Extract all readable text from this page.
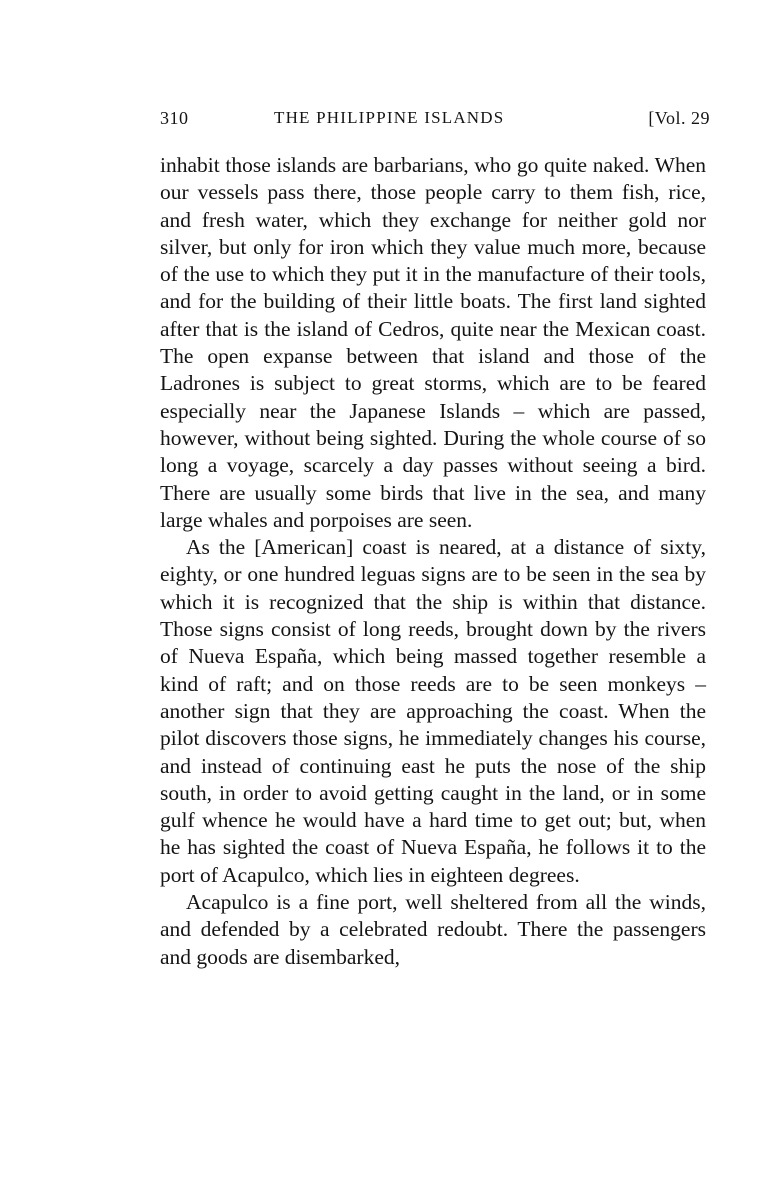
310	THE PHILIPPINE ISLANDS	[Vol. 29

inhabit those islands are barbarians, who go quite naked. When our vessels pass there, those people carry to them fish, rice, and fresh water, which they exchange for neither gold nor silver, but only for iron which they value much more, because of the use to which they put it in the manufacture of their tools, and for the building of their little boats. The first land sighted after that is the island of Cedros, quite near the Mexican coast. The open expanse between that island and those of the Ladrones is subject to great storms, which are to be feared especially near the Japanese Islands – which are passed, however, without being sighted. During the whole course of so long a voyage, scarcely a day passes without seeing a bird. There are usually some birds that live in the sea, and many large whales and porpoises are seen.

As the [American] coast is neared, at a distance of sixty, eighty, or one hundred leguas signs are to be seen in the sea by which it is recognized that the ship is within that distance. Those signs consist of long reeds, brought down by the rivers of Nueva España, which being massed together resemble a kind of raft; and on those reeds are to be seen monkeys – another sign that they are approaching the coast. When the pilot discovers those signs, he immediately changes his course, and instead of continuing east he puts the nose of the ship south, in order to avoid getting caught in the land, or in some gulf whence he would have a hard time to get out; but, when he has sighted the coast of Nueva España, he follows it to the port of Acapulco, which lies in eighteen degrees.

Acapulco is a fine port, well sheltered from all the winds, and defended by a celebrated redoubt. There the passengers and goods are disembarked,
